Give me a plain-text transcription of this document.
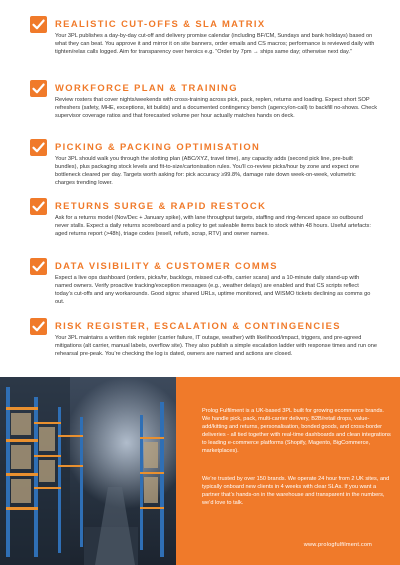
REALISTIC CUT-OFFS & SLA MATRIX
Your 3PL publishes a day-by-day cut-off and delivery promise calendar (including BF/CM, Sundays and bank holidays) based on what they can beat. You approve it and mirror it on site banners, order emails and CS macros; performance is reviewed daily with tighten/relax calls logged. Aim for transparency over heroics e.g. “Order by 7pm → ships same day; otherwise next day.”
WORKFORCE PLAN & TRAINING
Review rosters that cover nights/weekends with cross-training across pick, pack, replen, returns and loading. Expect short SOP refreshers (safety, MHE, exceptions, kit builds) and a documented contingency bench (agency/on-call) to backfill no-shows. Check supervisor coverage ratios and that forecasted volume per hour actually matches hands on deck.
PICKING & PACKING OPTIMISATION
Your 3PL should walk you through the slotting plan (ABC/XYZ, travel time), any capacity adds (second pick line, pre-built bundles), plus packaging stock levels and fit-to-size/cartonisation rules. You’ll co-review picks/hour by zone and expect one bottleneck cleared per day. Targets worth asking for: pick accuracy ≥99.8%, damage rate down week-on-week, volumetric charges trending lower.
RETURNS SURGE & RAPID RESTOCK
Ask for a returns model (Nov/Dec + January spike), with lane throughput targets, staffing and ring-fenced space so outbound never stalls. Expect a daily returns scoreboard and a policy to get saleable items back to stock within 48 hours. Useful artefacts: aged returns report (>48h), triage codes (resell, refurb, scrap, RTV) and owner names.
DATA VISIBILITY & CUSTOMER COMMS
Expect a live ops dashboard (orders, picks/hr, backlogs, missed cut-offs, carrier scans) and a 10-minute daily stand-up with named owners. Verify proactive tracking/exception messages (e.g., weather delays) are enabled and that CS scripts reflect today’s cut-offs and any workarounds. Good signs: shared URLs, uptime monitored, and WISMO tickets declining as comms go out.
RISK REGISTER, ESCALATION & CONTINGENCIES
Your 3PL maintains a written risk register (carrier failure, IT outage, weather) with likelihood/impact, triggers, and pre-agreed mitigations (alt carrier, manual labels, overflow site). They also publish a simple escalation ladder with response times and run one rehearsal pre-peak. You’re checking the log is dated, owners are named and actions are closed.
Prolog Fulfilment is a UK-based 3PL built for growing ecommerce brands. We handle pick, pack, multi-carrier delivery, B2B/retail drops, value-add/kitting and returns, personalisation, bonded goods, and cross-border deliveries - all tied together with real-time dashboards and clean integrations to leading e-commerce platforms (Shopify, Magento, BigCommerce, marketplaces).
We’re trusted by over 150 brands. We operate 24 hour from 2 UK sites, and typically onboard new clients in 4 weeks with clear SLAs. If you want a partner that’s hands-on in the warehouse and transparent in the numbers, we’d love to talk.
www.prologfulfilment.com
